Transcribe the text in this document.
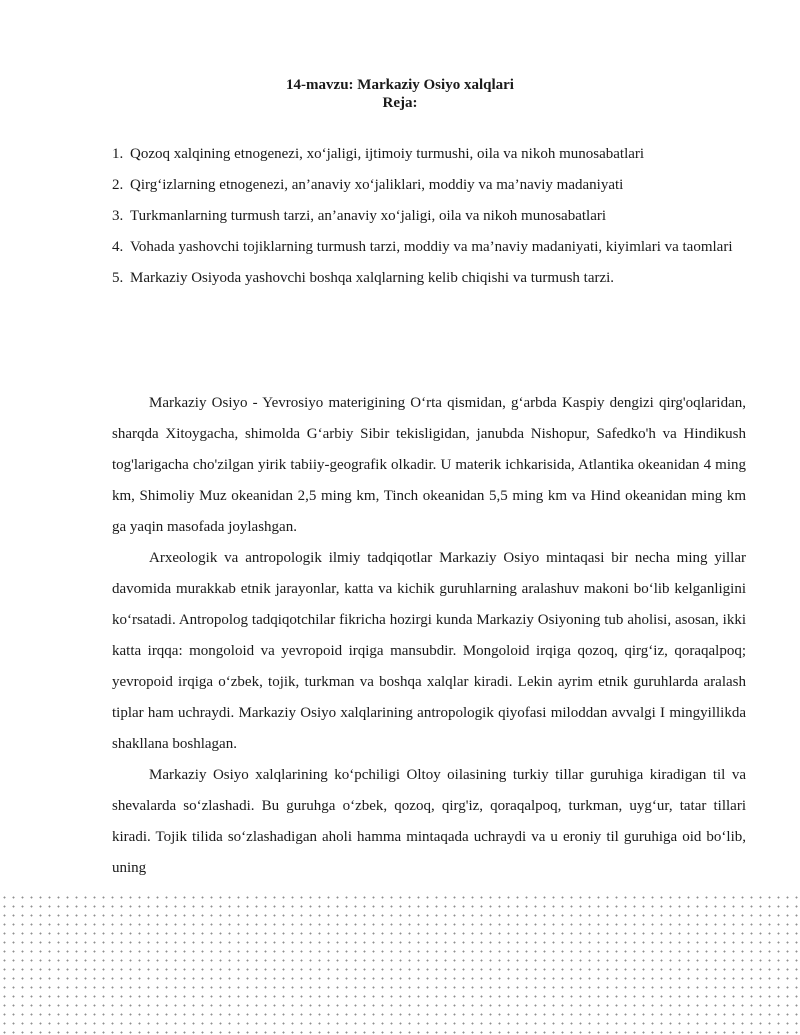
14-mavzu: Markaziy Osiyo xalqlari
Reja:
1. Qozoq xalqining etnogenezi, xo‘jaligi, ijtimoiy turmushi, oila va nikoh munosabatlari
2. Qirg‘izlarning etnogenezi, an’anaviy xo‘jaliklari, moddiy va ma’naviy madaniyati
3. Turkmanlarning turmush tarzi, an’anaviy xo‘jaligi, oila va nikoh munosabatlari
4. Vohada yashovchi tojiklarning turmush tarzi, moddiy va ma’naviy madaniyati, kiyimlari va taomlari
5. Markaziy Osiyoda yashovchi boshqa xalqlarning kelib chiqishi va turmush tarzi.

Markaziy Osiyo - Yevrosiyo materigining O‘rta qismidan, g‘arbda Kaspiy dengizi qirg'oqlaridan, sharqda Xitoygacha, shimolda G‘arbiy Sibir tekisligidan, janubda Nishopur, Safedko'h va Hindikush tog'larigacha cho'zilgan yirik tabiiy-geografik olkadir. U materik ichkarisida, Atlantika okeanidan 4 ming km, Shimoliy Muz okeanidan 2,5 ming km, Tinch okeanidan 5,5 ming km va Hind okeanidan ming km ga yaqin masofada joylashgan.

Arxeologik va antropologik ilmiy tadqiqotlar Markaziy Osiyo mintaqasi bir necha ming yillar davomida murakkab etnik jarayonlar, katta va kichik guruhlarning aralashuv makoni bo‘lib kelganligini ko‘rsatadi. Antropolog tadqiqotchilar fikricha hozirgi kunda Markaziy Osiyoning tub aholisi, asosan, ikki katta irqqa: mongoloid va yevropoid irqiga mansubdir. Mongoloid irqiga qozoq, qirg‘iz, qoraqalpoq; yevropoid irqiga o‘zbek, tojik, turkman va boshqa xalqlar kiradi. Lekin ayrim etnik guruhlarda aralash tiplar ham uchraydi. Markaziy Osiyo xalqlarining antropologik qiyofasi miloddan avvalgi I mingyillikda shakllana boshlagan.

Markaziy Osiyo xalqlarining ko‘pchiligi Oltoy oilasining turkiy tillar guruhiga kiradigan til va shevalarda so‘zlashadi. Bu guruhga o‘zbek, qozoq, qirg'iz, qoraqalpoq, turkman, uyg‘ur, tatar tillari kiradi. Tojik tilida so‘zlashadigan aholi hamma mintaqada uchraydi va u eroniy til guruhiga oid bo‘lib, uning
